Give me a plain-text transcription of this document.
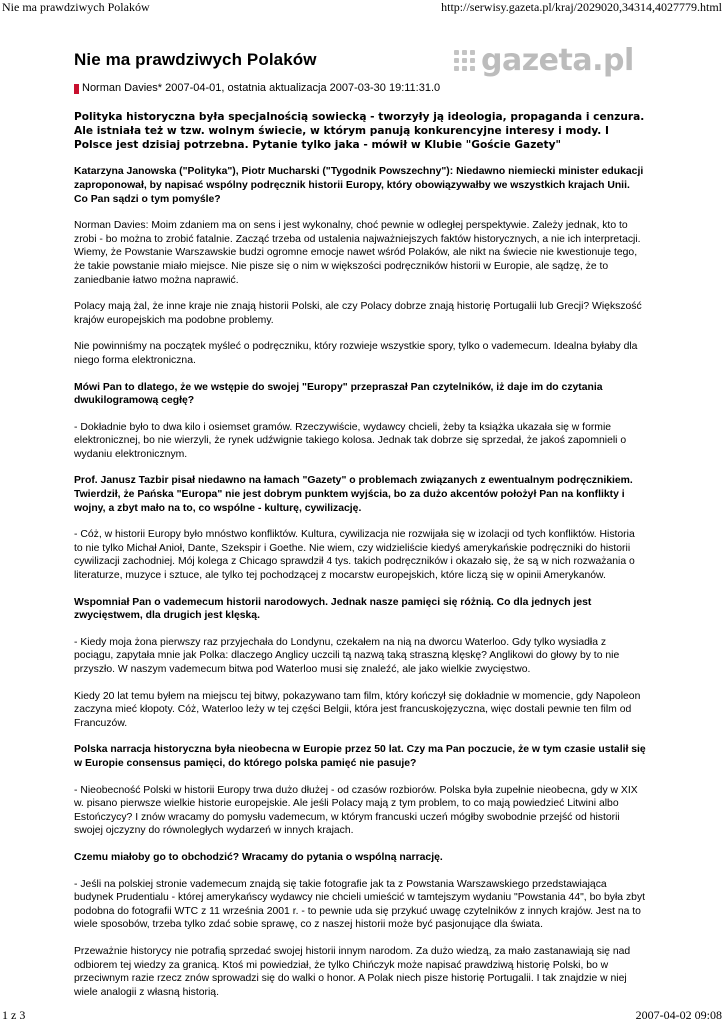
Nie ma prawdziwych Polaków	http://serwisy.gazeta.pl/kraj/2029020,34314,4027779.html
Nie ma prawdziwych Polaków	gazeta.pl
Norman Davies* 2007-04-01, ostatnia aktualizacja 2007-03-30 19:11:31.0
Polityka historyczna była specjalnością sowiecką - tworzyły ją ideologia, propaganda i cenzura. Ale istniała też w tzw. wolnym świecie, w którym panują konkurencyjne interesy i mody. I Polsce jest dzisiaj potrzebna. Pytanie tylko jaka - mówił w Klubie "Goście Gazety"
Katarzyna Janowska ("Polityka"), Piotr Mucharski ("Tygodnik Powszechny"): Niedawno niemiecki minister edukacji zaproponował, by napisać wspólny podręcznik historii Europy, który obowiązywałby we wszystkich krajach Unii. Co Pan sądzi o tym pomyśle?
Norman Davies: Moim zdaniem ma on sens i jest wykonalny, choć pewnie w odległej perspektywie. Zależy jednak, kto to zrobi - bo można to zrobić fatalnie. Zacząć trzeba od ustalenia najważniejszych faktów historycznych, a nie ich interpretacji. Wiemy, że Powstanie Warszawskie budzi ogromne emocje nawet wśród Polaków, ale nikt na świecie nie kwestionuje tego, że takie powstanie miało miejsce. Nie pisze się o nim w większości podręczników historii w Europie, ale sądzę, że to zaniedbanie łatwo można naprawić.
Polacy mają żal, że inne kraje nie znają historii Polski, ale czy Polacy dobrze znają historię Portugalii lub Grecji? Większość krajów europejskich ma podobne problemy.
Nie powinniśmy na początek myśleć o podręczniku, który rozwieje wszystkie spory, tylko o vademecum. Idealna byłaby dla niego forma elektroniczna.
Mówi Pan to dlatego, że we wstępie do swojej "Europy" przepraszał Pan czytelników, iż daje im do czytania dwukilogramową cegłę?
- Dokładnie było to dwa kilo i osiemset gramów. Rzeczywiście, wydawcy chcieli, żeby ta książka ukazała się w formie elektronicznej, bo nie wierzyli, że rynek udźwignie takiego kolosa. Jednak tak dobrze się sprzedał, że jakoś zapomnieli o wydaniu elektronicznym.
Prof. Janusz Tazbir pisał niedawno na łamach "Gazety" o problemach związanych z ewentualnym podręcznikiem. Twierdził, że Pańska "Europa" nie jest dobrym punktem wyjścia, bo za dużo akcentów położył Pan na konflikty i wojny, a zbyt mało na to, co wspólne - kulturę, cywilizację.
- Cóż, w historii Europy było mnóstwo konfliktów. Kultura, cywilizacja nie rozwijała się w izolacji od tych konfliktów. Historia to nie tylko Michał Anioł, Dante, Szekspir i Goethe. Nie wiem, czy widzieliście kiedyś amerykańskie podręczniki do historii cywilizacji zachodniej. Mój kolega z Chicago sprawdził 4 tys. takich podręczników i okazało się, że są w nich rozważania o literaturze, muzyce i sztuce, ale tylko tej pochodzącej z mocarstw europejskich, które liczą się w opinii Amerykanów.
Wspomniał Pan o vademecum historii narodowych. Jednak nasze pamięci się różnią. Co dla jednych jest zwycięstwem, dla drugich jest klęską.
- Kiedy moja żona pierwszy raz przyjechała do Londynu, czekałem na nią na dworcu Waterloo. Gdy tylko wysiadła z pociągu, zapytała mnie jak Polka: dlaczego Anglicy uczcili tą nazwą taką straszną klęskę? Anglikowi do głowy by to nie przyszło. W naszym vademecum bitwa pod Waterloo musi się znaleźć, ale jako wielkie zwycięstwo.
Kiedy 20 lat temu byłem na miejscu tej bitwy, pokazywano tam film, który kończył się dokładnie w momencie, gdy Napoleon zaczyna mieć kłopoty. Cóż, Waterloo leży w tej części Belgii, która jest francuskojęzyczna, więc dostali pewnie ten film od Francuzów.
Polska narracja historyczna była nieobecna w Europie przez 50 lat. Czy ma Pan poczucie, że w tym czasie ustalił się w Europie consensus pamięci, do którego polska pamięć nie pasuje?
- Nieobecność Polski w historii Europy trwa dużo dłużej - od czasów rozbiorów. Polska była zupełnie nieobecna, gdy w XIX w. pisano pierwsze wielkie historie europejskie. Ale jeśli Polacy mają z tym problem, to co mają powiedzieć Litwini albo Estończycy? I znów wracamy do pomysłu vademecum, w którym francuski uczeń mógłby swobodnie przejść od historii swojej ojczyzny do równoległych wydarzeń w innych krajach.
Czemu miałoby go to obchodzić? Wracamy do pytania o wspólną narrację.
- Jeśli na polskiej stronie vademecum znajdą się takie fotografie jak ta z Powstania Warszawskiego przedstawiająca budynek Prudentialu - której amerykańscy wydawcy nie chcieli umieścić w tamtejszym wydaniu "Powstania 44", bo była zbyt podobna do fotografii WTC z 11 września 2001 r. - to pewnie uda się przykuć uwagę czytelników z innych krajów. Jest na to wiele sposobów, trzeba tylko zdać sobie sprawę, co z naszej historii może być pasjonujące dla świata.
Przeważnie historycy nie potrafią sprzedać swojej historii innym narodom. Za dużo wiedzą, za mało zastanawiają się nad odbiorem tej wiedzy za granicą. Ktoś mi powiedział, że tylko Chińczyk może napisać prawdziwą historię Polski, bo w przeciwnym razie rzecz znów sprowadzi się do walki o honor. A Polak niech pisze historię Portugalii. I tak znajdzie w niej wiele analogii z własną historią.
1 z 3	2007-04-02 09:08
